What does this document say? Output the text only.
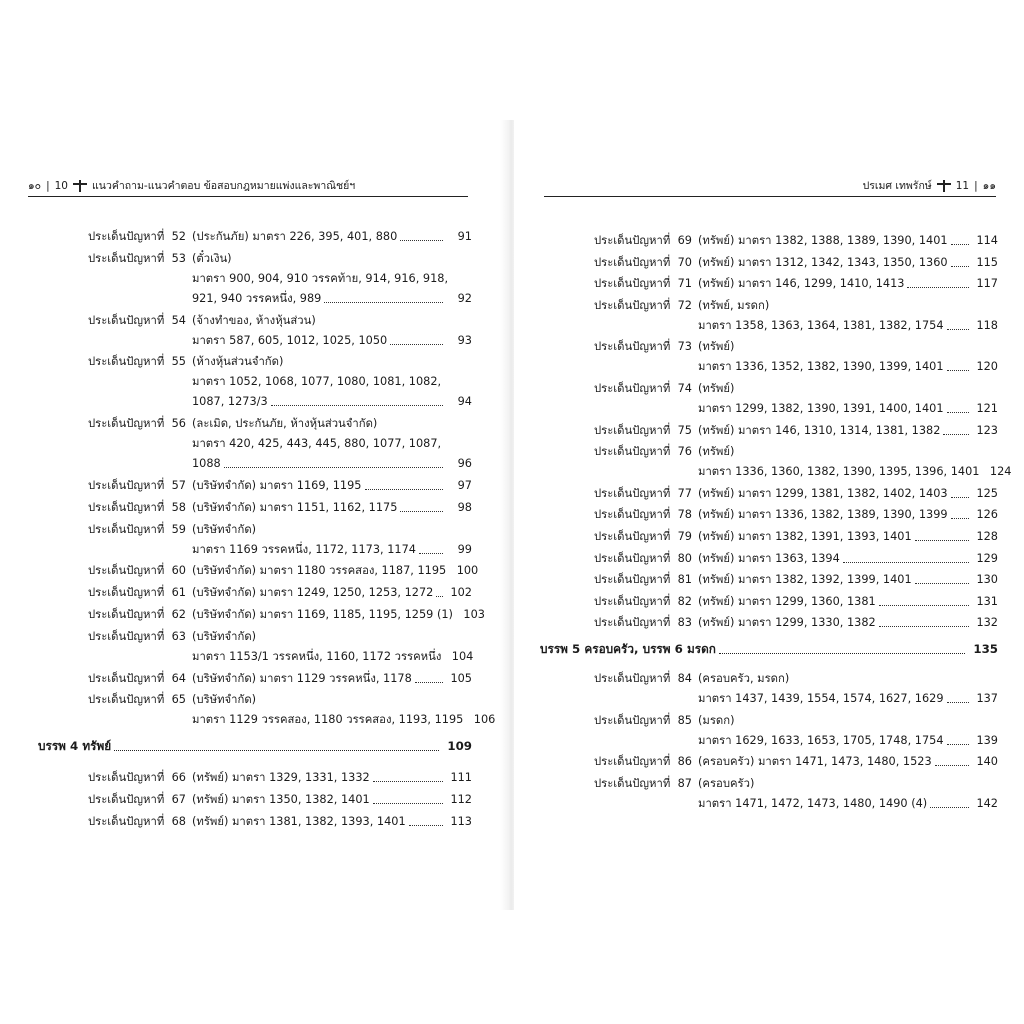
๑๐ | 10 แนวคำถาม-แนวคำตอบ ข้อสอบกฎหมายแพ่งและพาณิชย์ฯ
ประเด็นปัญหาที่ 52 (ประกันภัย) มาตรา 226, 395, 401, 880	91
ประเด็นปัญหาที่ 53 (ตั๋วเงิน)
มาตรา 900, 904, 910 วรรคท้าย, 914, 916, 918,
921, 940 วรรคหนึ่ง, 989	92
ประเด็นปัญหาที่ 54 (จ้างทำของ, ห้างหุ้นส่วน)
มาตรา 587, 605, 1012, 1025, 1050	93
ประเด็นปัญหาที่ 55 (ห้างหุ้นส่วนจำกัด)
มาตรา 1052, 1068, 1077, 1080, 1081, 1082,
1087, 1273/3	94
ประเด็นปัญหาที่ 56 (ละเมิด, ประกันภัย, ห้างหุ้นส่วนจำกัด)
มาตรา 420, 425, 443, 445, 880, 1077, 1087,
1088	96
ประเด็นปัญหาที่ 57 (บริษัทจำกัด) มาตรา 1169, 1195	97
ประเด็นปัญหาที่ 58 (บริษัทจำกัด) มาตรา 1151, 1162, 1175	98
ประเด็นปัญหาที่ 59 (บริษัทจำกัด)
มาตรา 1169 วรรคหนึ่ง, 1172, 1173, 1174	99
ประเด็นปัญหาที่ 60 (บริษัทจำกัด) มาตรา 1180 วรรคสอง, 1187, 1195 100
ประเด็นปัญหาที่ 61 (บริษัทจำกัด) มาตรา 1249, 1250, 1253, 1272	102
ประเด็นปัญหาที่ 62 (บริษัทจำกัด) มาตรา 1169, 1185, 1195, 1259 (1) 103
ประเด็นปัญหาที่ 63 (บริษัทจำกัด)
มาตรา 1153/1 วรรคหนึ่ง, 1160, 1172 วรรคหนึ่ง 104
ประเด็นปัญหาที่ 64 (บริษัทจำกัด) มาตรา 1129 วรรคหนึ่ง, 1178	105
ประเด็นปัญหาที่ 65 (บริษัทจำกัด)
มาตรา 1129 วรรคสอง, 1180 วรรคสอง, 1193, 1195 106
บรรพ 4 ทรัพย์	109
ประเด็นปัญหาที่ 66 (ทรัพย์) มาตรา 1329, 1331, 1332	111
ประเด็นปัญหาที่ 67 (ทรัพย์) มาตรา 1350, 1382, 1401	112
ประเด็นปัญหาที่ 68 (ทรัพย์) มาตรา 1381, 1382, 1393, 1401	113
ปรเมศ เทพรักษ์ 11 | ๑๑
ประเด็นปัญหาที่ 69 (ทรัพย์) มาตรา 1382, 1388, 1389, 1390, 1401	114
ประเด็นปัญหาที่ 70 (ทรัพย์) มาตรา 1312, 1342, 1343, 1350, 1360	115
ประเด็นปัญหาที่ 71 (ทรัพย์) มาตรา 146, 1299, 1410, 1413	117
ประเด็นปัญหาที่ 72 (ทรัพย์, มรดก)
มาตรา 1358, 1363, 1364, 1381, 1382, 1754	118
ประเด็นปัญหาที่ 73 (ทรัพย์)
มาตรา 1336, 1352, 1382, 1390, 1399, 1401	120
ประเด็นปัญหาที่ 74 (ทรัพย์)
มาตรา 1299, 1382, 1390, 1391, 1400, 1401	121
ประเด็นปัญหาที่ 75 (ทรัพย์) มาตรา 146, 1310, 1314, 1381, 1382	123
ประเด็นปัญหาที่ 76 (ทรัพย์)
มาตรา 1336, 1360, 1382, 1390, 1395, 1396, 1401 124
ประเด็นปัญหาที่ 77 (ทรัพย์) มาตรา 1299, 1381, 1382, 1402, 1403	125
ประเด็นปัญหาที่ 78 (ทรัพย์) มาตรา 1336, 1382, 1389, 1390, 1399	126
ประเด็นปัญหาที่ 79 (ทรัพย์) มาตรา 1382, 1391, 1393, 1401	128
ประเด็นปัญหาที่ 80 (ทรัพย์) มาตรา 1363, 1394	129
ประเด็นปัญหาที่ 81 (ทรัพย์) มาตรา 1382, 1392, 1399, 1401	130
ประเด็นปัญหาที่ 82 (ทรัพย์) มาตรา 1299, 1360, 1381	131
ประเด็นปัญหาที่ 83 (ทรัพย์) มาตรา 1299, 1330, 1382	132
บรรพ 5 ครอบครัว, บรรพ 6 มรดก	135
ประเด็นปัญหาที่ 84 (ครอบครัว, มรดก)
มาตรา 1437, 1439, 1554, 1574, 1627, 1629	137
ประเด็นปัญหาที่ 85 (มรดก)
มาตรา 1629, 1633, 1653, 1705, 1748, 1754	139
ประเด็นปัญหาที่ 86 (ครอบครัว) มาตรา 1471, 1473, 1480, 1523	140
ประเด็นปัญหาที่ 87 (ครอบครัว)
มาตรา 1471, 1472, 1473, 1480, 1490 (4)	142
